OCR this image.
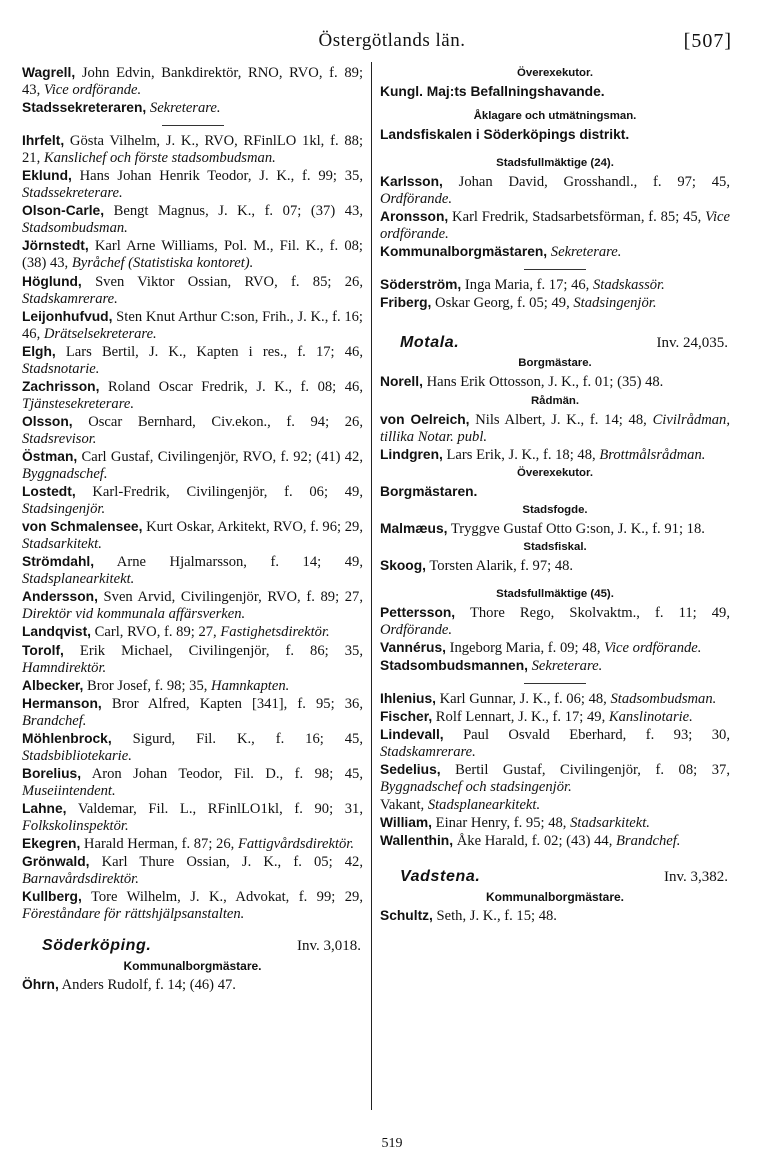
Östergötlands län.	[507]
Wagrell, John Edvin, Bankdirektör, RNO, RVO, f. 89; 43, Vice ordförande.
Stadssekreteraren, Sekreterare.
Ihrfelt, Gösta Vilhelm, J. K., RVO, RFinlLO 1kl, f. 88; 21, Kanslichef och förste stadsombudsman.
Eklund, Hans Johan Henrik Teodor, J. K., f. 99; 35, Stadssekreterare.
Olson-Carle, Bengt Magnus, J. K., f. 07; (37) 43, Stadsombudsman.
Jörnstedt, Karl Arne Williams, Pol. M., Fil. K., f. 08; (38) 43, Byråchef (Statistiska kontoret).
Höglund, Sven Viktor Ossian, RVO, f. 85; 26, Stadskamrerare.
Leijonhufvud, Sten Knut Arthur C:son, Frih., J. K., f. 16; 46, Drätselsekreterare.
Elgh, Lars Bertil, J. K., Kapten i res., f. 17; 46, Stadsnotarie.
Zachrisson, Roland Oscar Fredrik, J. K., f. 08; 46, Tjänstesekreterare.
Olsson, Oscar Bernhard, Civ.ekon., f. 94; 26, Stadsrevisor.
Östman, Carl Gustaf, Civilingenjör, RVO, f. 92; (41) 42, Byggnadschef.
Lostedt, Karl-Fredrik, Civilingenjör, f. 06; 49, Stadsingenjör.
von Schmalensee, Kurt Oskar, Arkitekt, RVO, f. 96; 29, Stadsarkitekt.
Strömdahl, Arne Hjalmarsson, f. 14; 49, Stadsplanearkitekt.
Andersson, Sven Arvid, Civilingenjör, RVO, f. 89; 27, Direktör vid kommunala affärsverken.
Landqvist, Carl, RVO, f. 89; 27, Fastighetsdirektör.
Torolf, Erik Michael, Civilingenjör, f. 86; 35, Hamndirektör.
Albecker, Bror Josef, f. 98; 35, Hamnkapten.
Hermanson, Bror Alfred, Kapten [341], f. 95; 36, Brandchef.
Möhlenbrock, Sigurd, Fil. K., f. 16; 45, Stadsbibliotekarie.
Borelius, Aron Johan Teodor, Fil. D., f. 98; 45, Museiintendent.
Lahne, Valdemar, Fil. L., RFinlLO1kl, f. 90; 31, Folkskolinspektör.
Ekegren, Harald Herman, f. 87; 26, Fattigvårdsdirektör.
Grönwald, Karl Thure Ossian, J. K., f. 05; 42, Barnavårdsdirektör.
Kullberg, Tore Wilhelm, J. K., Advokat, f. 99; 29, Föreståndare för rättshjälpsanstalten.
Söderköping.	Inv. 3,018.
Kommunalborgmästare.
Öhrn, Anders Rudolf, f. 14; (46) 47.
Överexekutor.
Kungl. Maj:ts Befallningshavande.
Åklagare och utmätningsman.
Landsfiskalen i Söderköpings distrikt.
Stadsfullmäktige (24).
Karlsson, Johan David, Grosshandl., f. 97; 45, Ordförande.
Aronsson, Karl Fredrik, Stadsarbetsförman, f. 85; 45, Vice ordförande.
Kommunalborgmästaren, Sekreterare.
Söderström, Inga Maria, f. 17; 46, Stadskassör.
Friberg, Oskar Georg, f. 05; 49, Stadsingenjör.
Motala.	Inv. 24,035.
Borgmästare.
Norell, Hans Erik Ottosson, J. K., f. 01; (35) 48.
Rådmän.
von Oelreich, Nils Albert, J. K., f. 14; 48, Civilrådman, tillika Notar. publ.
Lindgren, Lars Erik, J. K., f. 18; 48, Brottmålsrådman.
Överexekutor.
Borgmästaren.
Stadsfogde.
Malmæus, Tryggve Gustaf Otto G:son, J. K., f. 91; 18.
Stadsfiskal.
Skoog, Torsten Alarik, f. 97; 48.
Stadsfullmäktige (45).
Pettersson, Thore Rego, Skolvaktm., f. 11; 49, Ordförande.
Vannérus, Ingeborg Maria, f. 09; 48, Vice ordförande.
Stadsombudsmannen, Sekreterare.
Ihlenius, Karl Gunnar, J. K., f. 06; 48, Stadsombudsman.
Fischer, Rolf Lennart, J. K., f. 17; 49, Kanslinotarie.
Lindevall, Paul Osvald Eberhard, f. 93; 30, Stadskamrerare.
Sedelius, Bertil Gustaf, Civilingenjör, f. 08; 37, Byggnadschef och stadsingenjör.
Vakant, Stadsplanearkitekt.
William, Einar Henry, f. 95; 48, Stadsarkitekt.
Wallenthin, Åke Harald, f. 02; (43) 44, Brandchef.
Vadstena.	Inv. 3,382.
Kommunalborgmästare.
Schultz, Seth, J. K., f. 15; 48.
519
